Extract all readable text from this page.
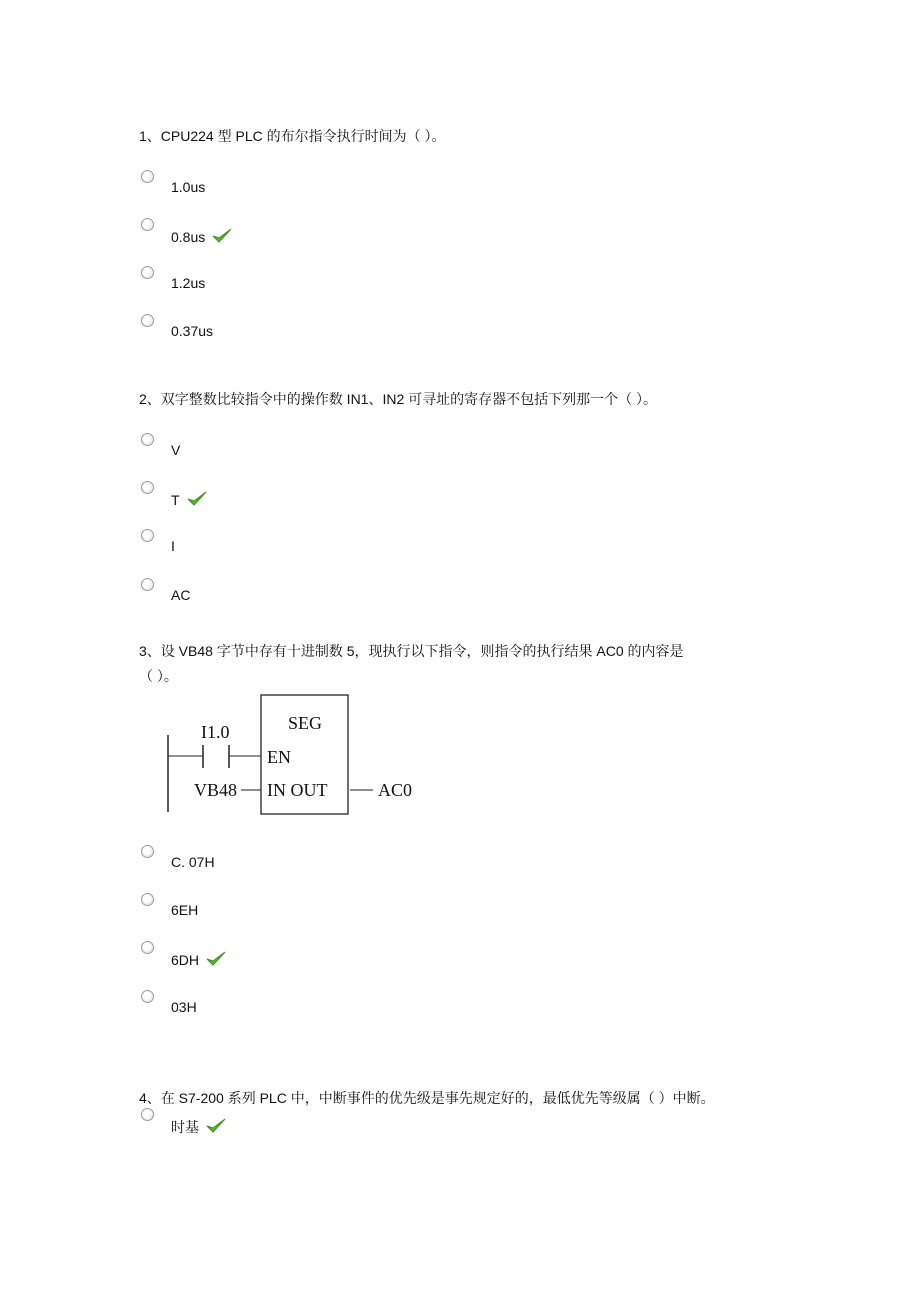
1、CPU224 型 PLC 的布尔指令执行时间为（ ）。
2、双字整数比较指令中的操作数 IN1、IN2 可寻址的寄存器不包括下列那一个（ ）。
3、设 VB48 字节中存有十进制数 5，现执行以下指令，则指令的执行结果 AC0 的内容是
（ ）。
4、在 S7-200 系列 PLC 中，中断事件的优先级是事先规定好的，最低优先等级属（ ）中断。
SEG
I1.0
EN
VB48 IN OUT	AC0
1.0us
0.8us
1.2us
0.37us
V
T
I
AC
C. 07H
6EH
6DH
03H
时基
